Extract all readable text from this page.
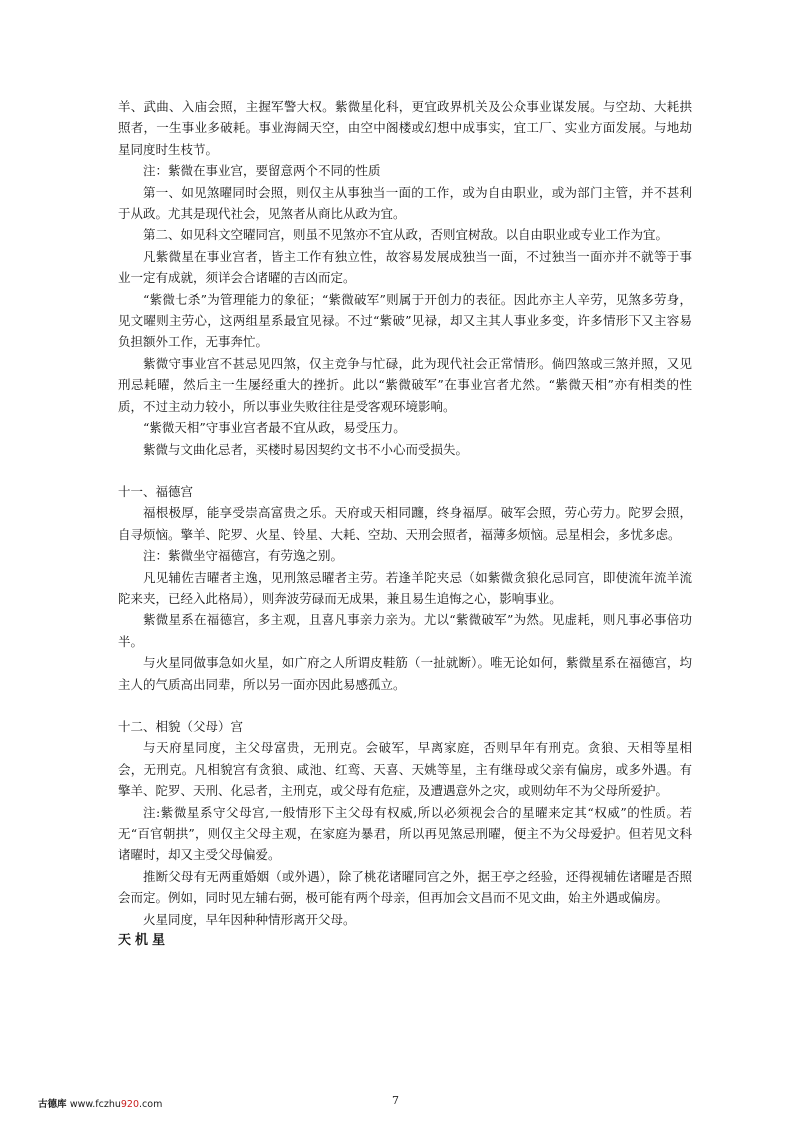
羊、武曲、入庙会照，主握军警大权。紫微星化科，更宜政界机关及公众事业谋发展。与空劫、大耗拱照者，一生事业多破耗。事业海阔天空，由空中阁楼或幻想中成事实，宜工厂、实业方面发展。与地劫星同度时生枝节。

注：紫微在事业宫，要留意两个不同的性质

第一、如见煞曜同时会照，则仅主从事独当一面的工作，或为自由职业，或为部门主管，并不甚利于从政。尤其是现代社会，见煞者从商比从政为宜。

第二、如见科文空曜同宫，则虽不见煞亦不宜从政，否则宜树敌。以自由职业或专业工作为宜。

凡紫微星在事业宫者，皆主工作有独立性，故容易发展成独当一面，不过独当一面亦并不就等于事业一定有成就，须详会合诸曜的吉凶而定。

“紫微七杀”为管理能力的象征；“紫微破军”则属于开创力的表征。因此亦主人辛劳，见煞多劳身，见文曜则主劳心，这两组星系最宜见禄。不过“紫破”见禄，却又主其人事业多变，许多情形下又主容易负担额外工作，无事奔忙。

紫微守事业宫不甚忌见四煞，仅主竞争与忙碌，此为现代社会正常情形。倘四煞或三煞并照，又见刑忌耗曜，然后主一生屡经重大的挫折。此以“紫微破军”在事业宫者尤然。“紫微天相”亦有相类的性质，不过主动力较小，所以事业失败往往是受客观环境影响。

“紫微天相”守事业宫者最不宜从政，易受压力。

紫微与文曲化忌者，买楼时易因契约文书不小心而受损失。

十一、福德宫

福根极厚，能享受崇高富贵之乐。天府或天相同躔，终身福厚。破军会照，劳心劳力。陀罗会照，自寻烦恼。擎羊、陀罗、火星、铃星、大耗、空劫、天刑会照者，福薄多烦恼。忌星相会，多忧多虑。

注：紫微坐守福德宫，有劳逸之别。

凡见辅佐吉曜者主逸，见刑煞忌曜者主劳。若逢羊陀夹忌（如紫微贪狼化忌同宫，即使流年流羊流陀来夹，已经入此格局），则奔波劳碌而无成果，兼且易生追悔之心，影响事业。

紫微星系在福德宫，多主观，且喜凡事亲力亲为。尤以“紫微破军”为然。见虚耗，则凡事必事倍功半。

与火星同做事急如火星，如广府之人所谓皮鞋筋（一扯就断）。唯无论如何，紫微星系在福德宫，均主人的气质高出同辈，所以另一面亦因此易感孤立。

十二、相貌（父母）宫

与天府星同度，主父母富贵，无刑克。会破军，早离家庭，否则早年有刑克。贪狼、天相等星相会，无刑克。凡相貌宫有贪狼、咸池、红鸾、天喜、天姚等星，主有继母或父亲有偏房，或多外遇。有擎羊、陀罗、天刑、化忌者，主刑克，或父母有危症，及遭遇意外之灾，或则幼年不为父母所爱护。

注:紫微星系守父母宫,一般情形下主父母有权威,所以必须视会合的星曜来定其“权威”的性质。若无“百官朝拱”，则仅主父母主观，在家庭为暴君，所以再见煞忌刑曜，便主不为父母爱护。但若见文科诸曜时，却又主受父母偏爱。

推断父母有无两重婚姻（或外遇），除了桃花诸曜同宫之外，据王亭之经验，还得视辅佐诸曜是否照会而定。例如，同时见左辅右弼，极可能有两个母亲，但再加会文昌而不见文曲，始主外遇或偏房。

火星同度，早年因种种情形离开父母。

天机星
古德库 www.fczhu920.com	7
